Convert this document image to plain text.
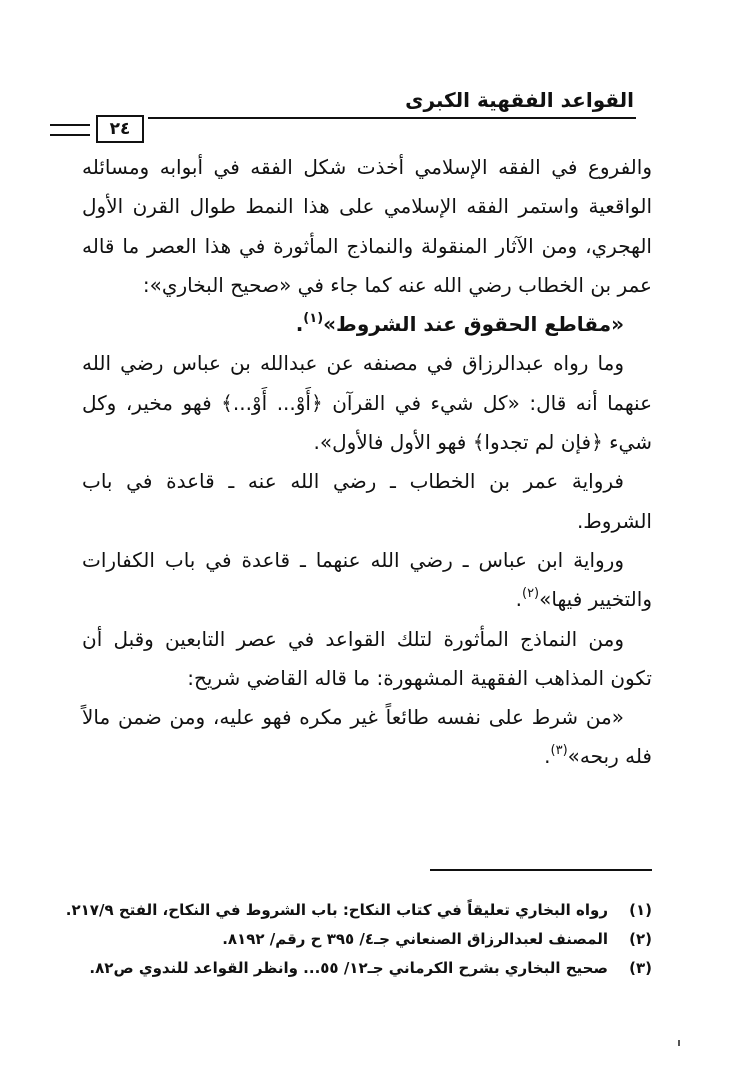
القواعد الفقهية الكبرى
٢٤

والفروع في الفقه الإسلامي أخذت شكل الفقه في أبوابه ومسائله الواقعية واستمر الفقه الإسلامي على هذا النمط طوال القرن الأول الهجري، ومن الآثار المنقولة والنماذج المأثورة في هذا العصر ما قاله عمر بن الخطاب رضي الله عنه كما جاء في «صحيح البخاري»:

«مقاطع الحقوق عند الشروط»$^{(١)}$.

وما رواه عبدالرزاق في مصنفه عن عبدالله بن عباس رضي الله عنهما أنه قال: «كل شيء في القرآن ﴿أَوْ... أَوْ...﴾ فهو مخير، وكل شيء ﴿فإن لم تجدوا﴾ فهو الأول فالأول».

فرواية عمر بن الخطاب ـ رضي الله عنه ـ قاعدة في باب الشروط.

ورواية ابن عباس ـ رضي الله عنهما ـ قاعدة في باب الكفارات والتخيير فيها»$^{(٢)}$.

ومن النماذج المأثورة لتلك القواعد في عصر التابعين وقبل أن تكون المذاهب الفقهية المشهورة: ما قاله القاضي شريح:

«من شرط على نفسه طائعاً غير مكره فهو عليه، ومن ضمن مالاً فله ربحه»$^{(٣)}$.

(١)رواه البخاري تعليقاً في كتاب النكاح: باب الشروط في النكاح، الفتح ٢١٧/٩.
(٢)المصنف لعبدالرزاق الصنعاني جـ٤/ ٣٩٥ ح رقم/ ٨١٩٢.
(٣)صحيح البخاري بشرح الكرماني جـ١٢/ ٥٥... وانظر القواعد للندوي ص٨٢.
